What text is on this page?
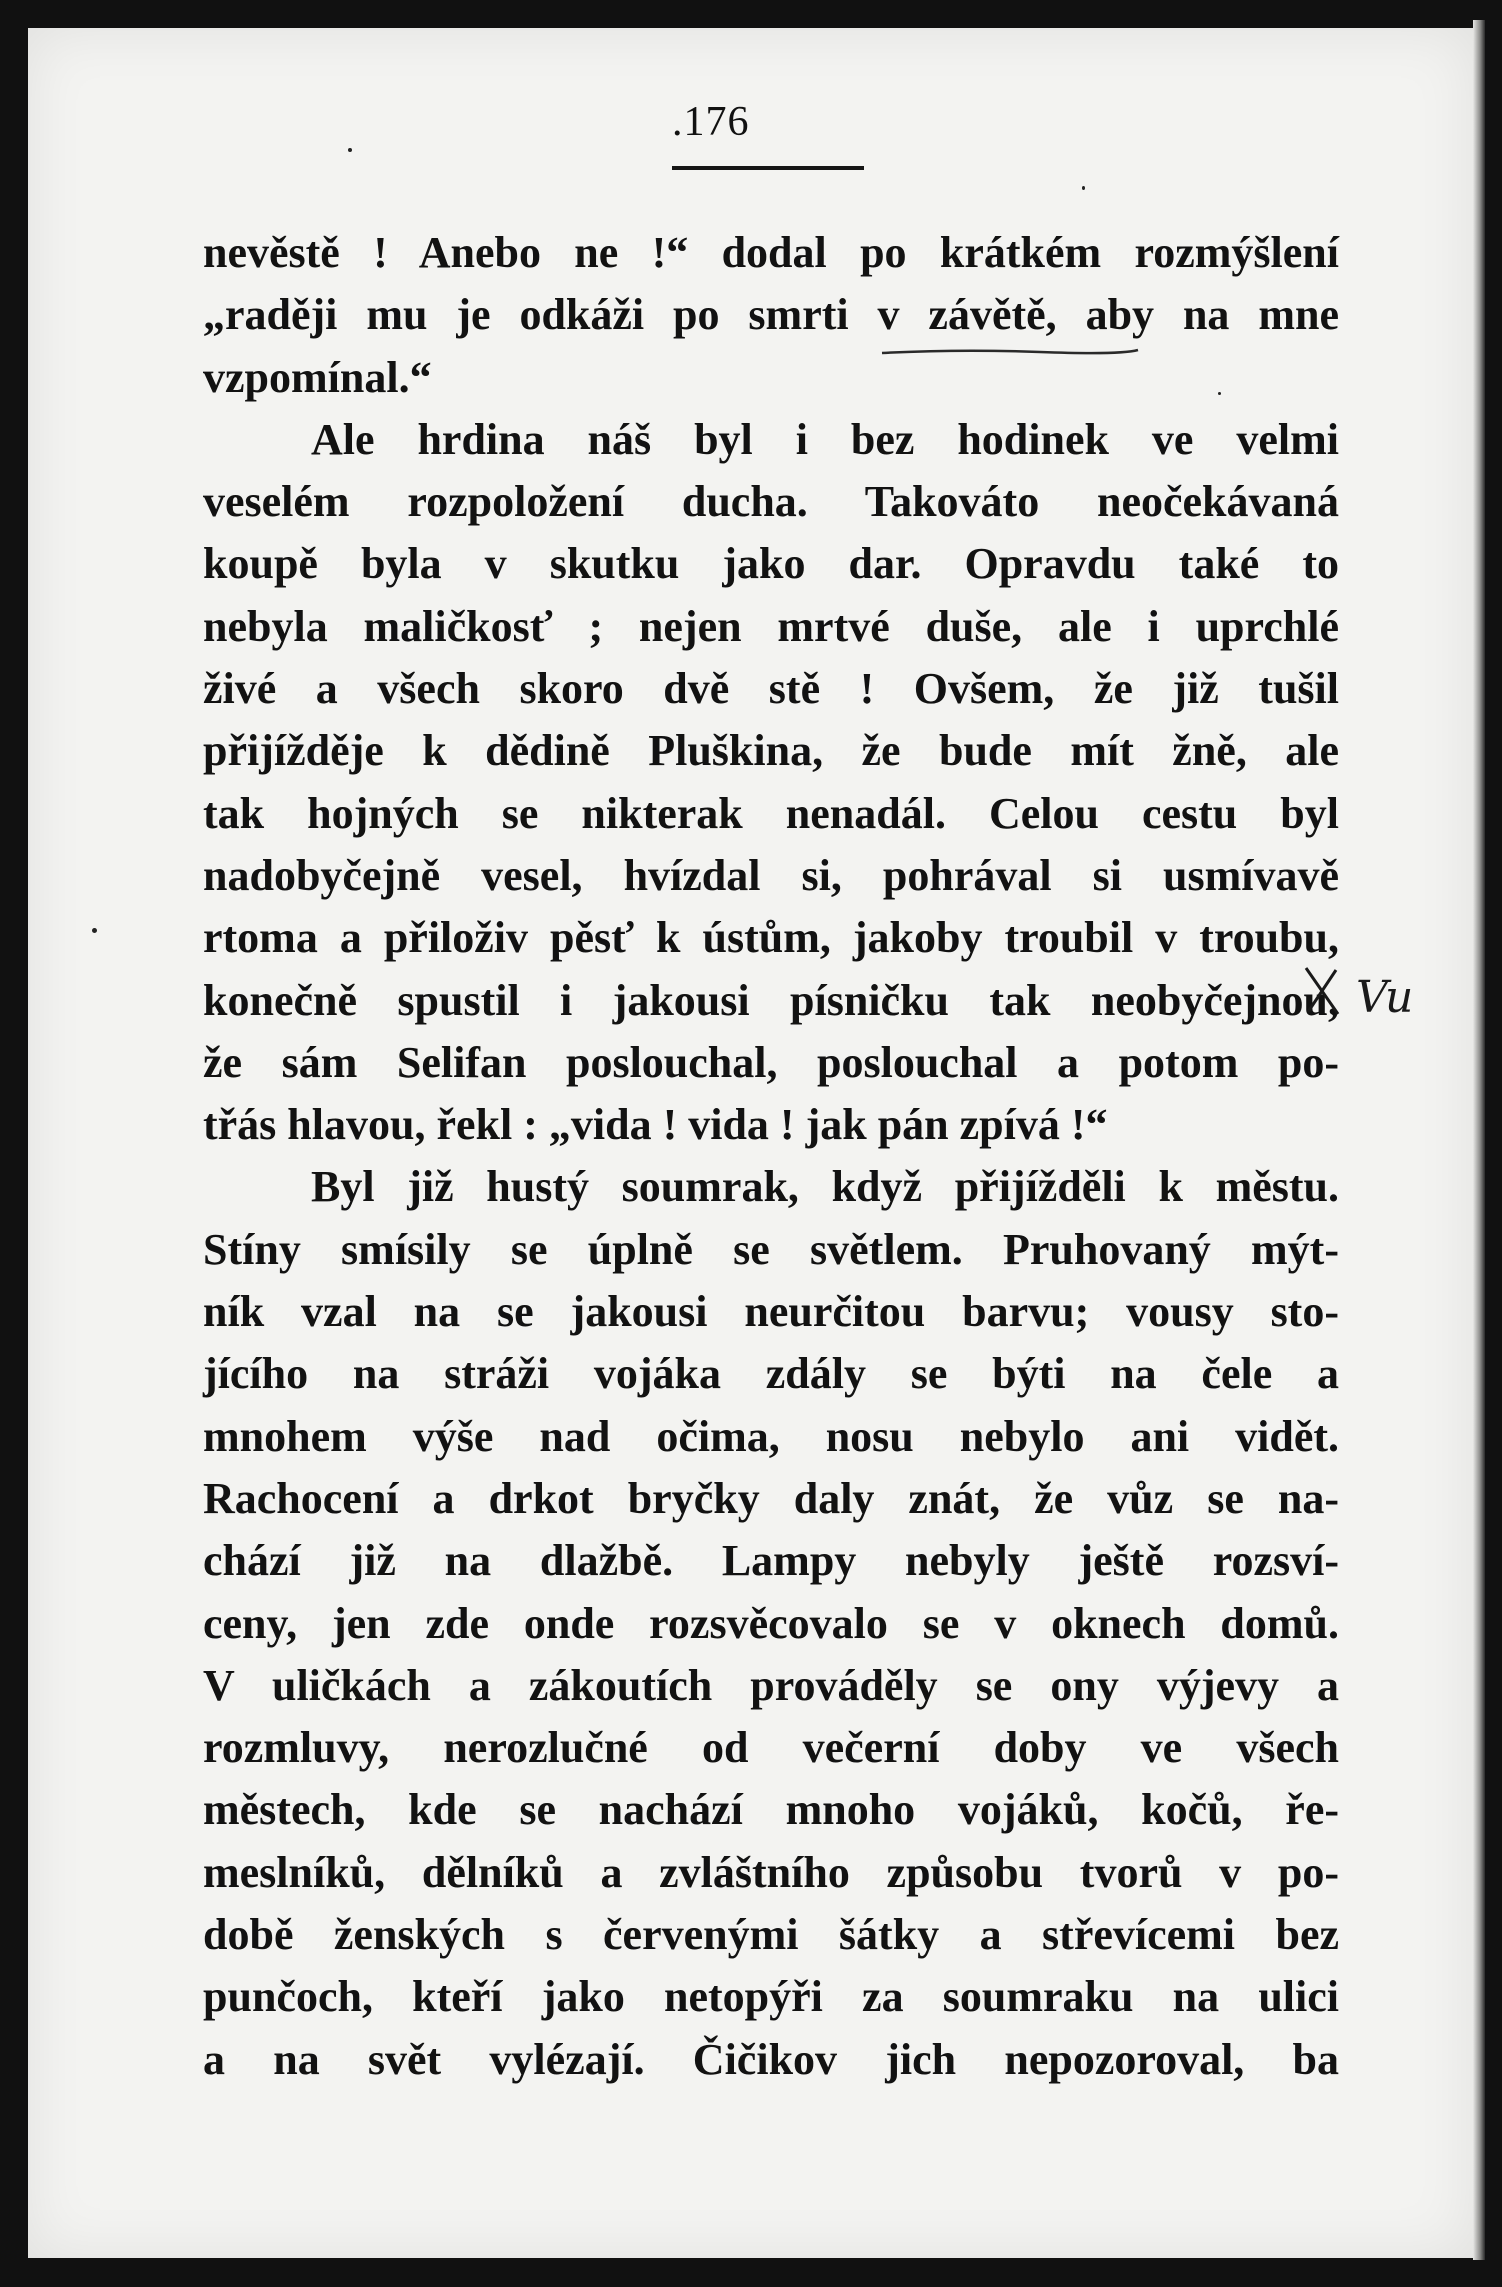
.176
nevěstě ! Anebo ne !“ dodal po krátkém rozmýšlení
„raději mu je odkáži po smrti v závětě, aby na mne
vzpomínal.“
Ale hrdina náš byl i bez hodinek ve velmi
veselém rozpoložení ducha. Takováto neočekávaná
koupě byla v skutku jako dar. Opravdu také to
nebyla maličkosť ; nejen mrtvé duše, ale i uprchlé
živé a všech skoro dvě stě ! Ovšem, že již tušil
přijížděje k dědině Pluškina, že bude mít žně, ale
tak hojných se nikterak nenadál. Celou cestu byl
nadobyčejně vesel, hvízdal si, pohrával si usmívavě
rtoma a přiloživ pěsť k ústům, jakoby troubil v troubu,
konečně spustil i jakousi písničku tak neobyčejnou,
že sám Selifan poslouchal, poslouchal a potom po-
třás hlavou, řekl : „vida ! vida ! jak pán zpívá !“
Byl již hustý soumrak, když přijížděli k městu.
Stíny smísily se úplně se světlem. Pruhovaný mýt-
ník vzal na se jakousi neurčitou barvu; vousy sto-
jícího na stráži vojáka zdály se býti na čele a
mnohem výše nad očima, nosu nebylo ani vidět.
Rachocení a drkot bryčky daly znát, že vůz se na-
chází již na dlažbě. Lampy nebyly ještě rozsví-
ceny, jen zde onde rozsvěcovalo se v oknech domů.
V uličkách a zákoutích prováděly se ony výjevy a
rozmluvy, nerozlučné od večerní doby ve všech
městech, kde se nachází mnoho vojáků, kočů, ře-
meslníků, dělníků a zvláštního způsobu tvorů v po-
době ženských s červenými šátky a střevícemi bez
punčoch, kteří jako netopýři za soumraku na ulici
a na svět vylézají. Čičikov jich nepozoroval, ba
Vu
